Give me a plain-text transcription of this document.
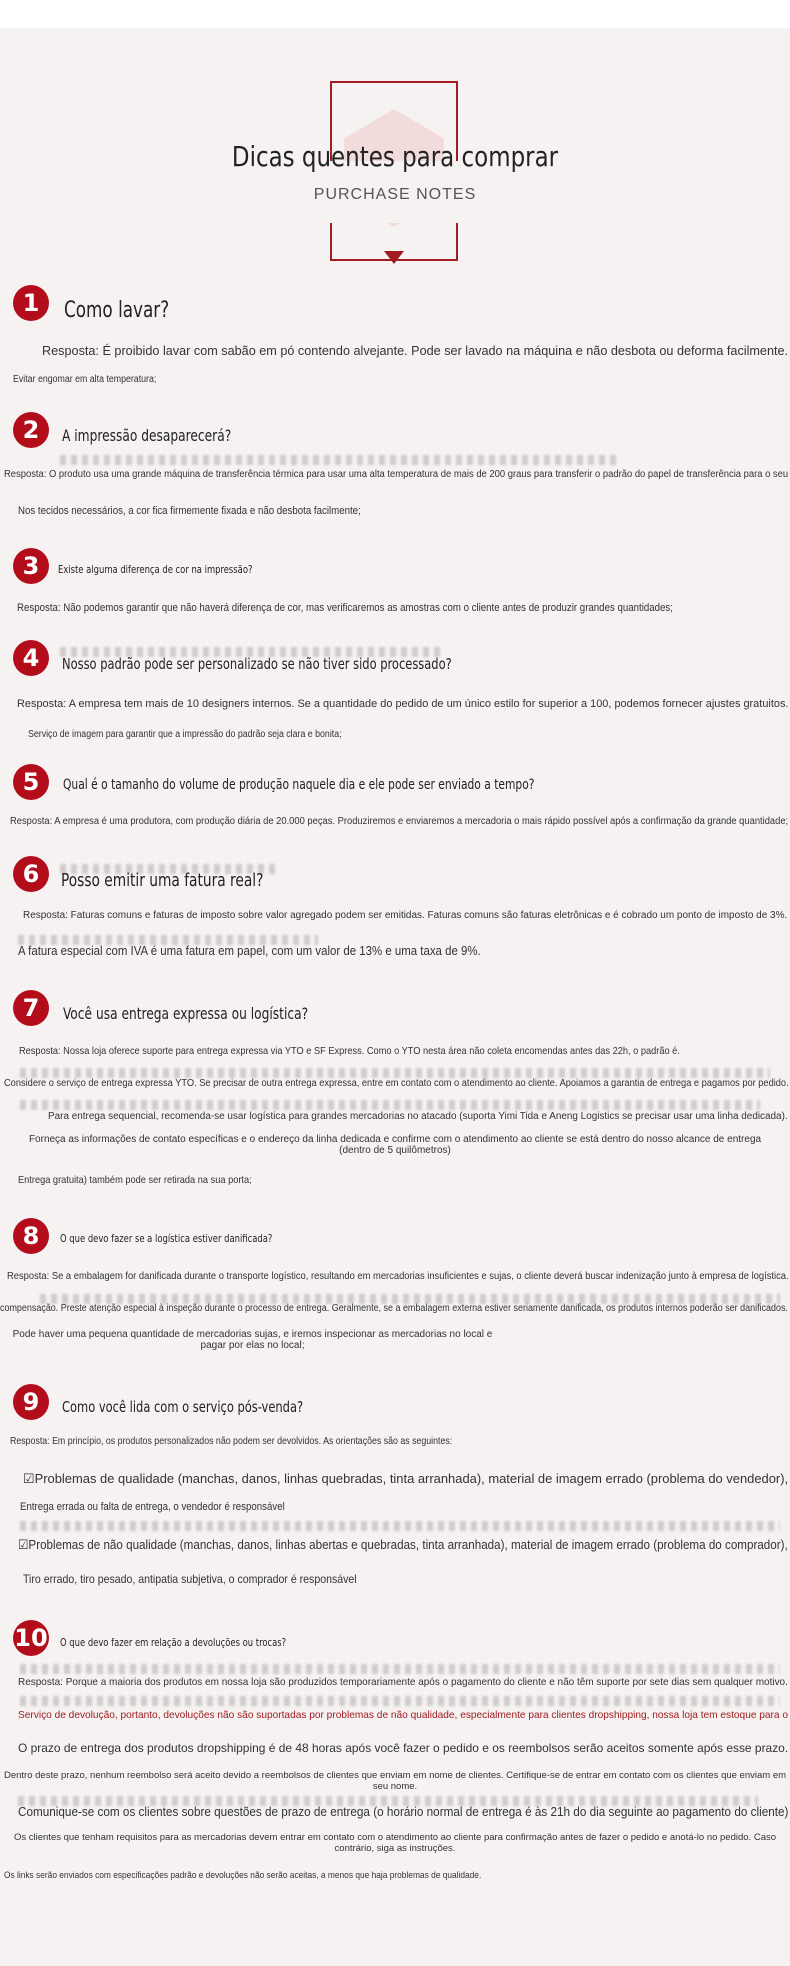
Dicas quentes para comprar
PURCHASE NOTES
1	Como lavar?
Resposta: É proibido lavar com sabão em pó contendo alvejante. Pode ser lavado na máquina e não desbota ou deforma facilmente.
Evitar engomar em alta temperatura;
2	A impressão desaparecerá?
Resposta: O produto usa uma grande máquina de transferência térmica para usar uma alta temperatura de mais de 200 graus para transferir o padrão do papel de transferência para o seu
Nos tecidos necessários, a cor fica firmemente fixada e não desbota facilmente;
3	Existe alguma diferença de cor na impressão?
Resposta: Não podemos garantir que não haverá diferença de cor, mas verificaremos as amostras com o cliente antes de produzir grandes quantidades;
4	Nosso padrão pode ser personalizado se não tiver sido processado?
Resposta: A empresa tem mais de 10 designers internos. Se a quantidade do pedido de um único estilo for superior a 100, podemos fornecer ajustes gratuitos.
Serviço de imagem para garantir que a impressão do padrão seja clara e bonita;
5	Qual é o tamanho do volume de produção naquele dia e ele pode ser enviado a tempo?
Resposta: A empresa é uma produtora, com produção diária de 20.000 peças. Produziremos e enviaremos a mercadoria o mais rápido possível após a confirmação da grande quantidade;
6	Posso emitir uma fatura real?
Resposta: Faturas comuns e faturas de imposto sobre valor agregado podem ser emitidas. Faturas comuns são faturas eletrônicas e é cobrado um ponto de imposto de 3%.
A fatura especial com IVA é uma fatura em papel, com um valor de 13% e uma taxa de 9%.
7	Você usa entrega expressa ou logística?
Resposta: Nossa loja oferece suporte para entrega expressa via YTO e SF Express. Como o YTO nesta área não coleta encomendas antes das 22h, o padrão é.
Considere o serviço de entrega expressa YTO. Se precisar de outra entrega expressa, entre em contato com o atendimento ao cliente. Apoiamos a garantia de entrega e pagamos por pedido.
Para entrega sequencial, recomenda-se usar logística para grandes mercadorias no atacado (suporta Yimi Tida e Aneng Logistics se precisar usar uma linha dedicada).
Forneça as informações de contato específicas e o endereço da linha dedicada e confirme com o atendimento ao cliente se está dentro do nosso alcance de entrega (dentro de 5 quilômetros)
Entrega gratuita) também pode ser retirada na sua porta;
8	O que devo fazer se a logística estiver danificada?
Resposta: Se a embalagem for danificada durante o transporte logístico, resultando em mercadorias insuficientes e sujas, o cliente deverá buscar indenização junto à empresa de logística.
compensação. Preste atenção especial à inspeção durante o processo de entrega. Geralmente, se a embalagem externa estiver seriamente danificada, os produtos internos poderão ser danificados.
Pode haver uma pequena quantidade de mercadorias sujas, e iremos inspecionar as mercadorias no local e pagar por elas no local;
9	Como você lida com o serviço pós-venda?
Resposta: Em princípio, os produtos personalizados não podem ser devolvidos. As orientações são as seguintes:
☑Problemas de qualidade (manchas, danos, linhas quebradas, tinta arranhada), material de imagem errado (problema do vendedor),
Entrega errada ou falta de entrega, o vendedor é responsável
☑Problemas de não qualidade (manchas, danos, linhas abertas e quebradas, tinta arranhada), material de imagem errado (problema do comprador),
Tiro errado, tiro pesado, antipatia subjetiva, o comprador é responsável
10 O que devo fazer em relação a devoluções ou trocas?
Resposta: Porque a maioria dos produtos em nossa loja são produzidos temporariamente após o pagamento do cliente e não têm suporte por sete dias sem qualquer motivo.
Serviço de devolução, portanto, devoluções não são suportadas por problemas de não qualidade, especialmente para clientes dropshipping, nossa loja tem estoque para o
O prazo de entrega dos produtos dropshipping é de 48 horas após você fazer o pedido e os reembolsos serão aceitos somente após esse prazo.
Dentro deste prazo, nenhum reembolso será aceito devido a reembolsos de clientes que enviam em nome de clientes. Certifique-se de entrar em contato com os clientes que enviam em seu nome.
Comunique-se com os clientes sobre questões de prazo de entrega (o horário normal de entrega é às 21h do dia seguinte ao pagamento do cliente)
Os clientes que tenham requisitos para as mercadorias devem entrar em contato com o atendimento ao cliente para confirmação antes de fazer o pedido e anotá-lo no pedido. Caso contrário, siga as instruções.
Os links serão enviados com especificações padrão e devoluções não serão aceitas, a menos que haja problemas de qualidade.
